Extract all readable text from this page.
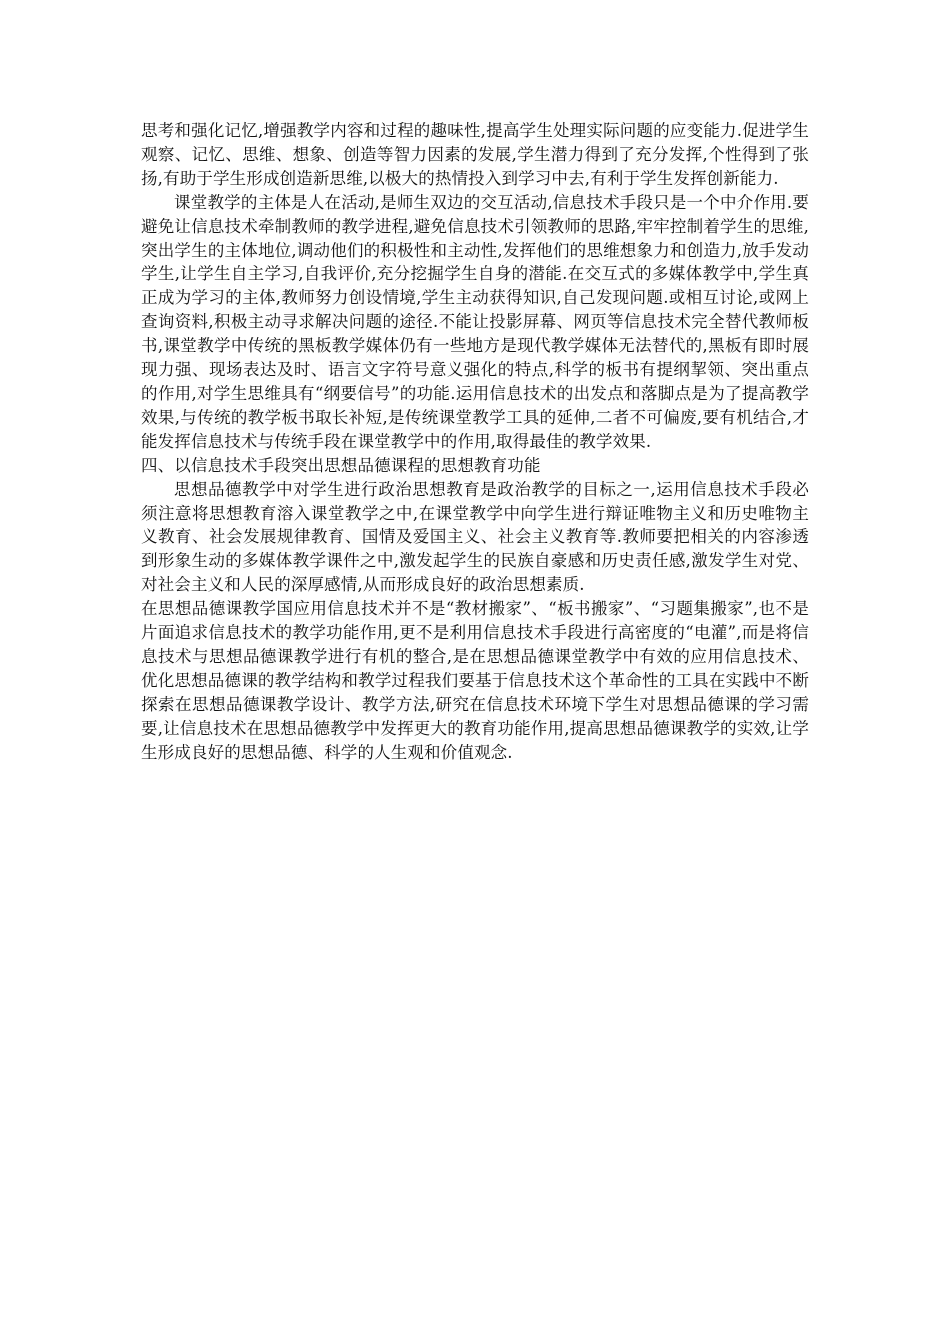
思考和强化记忆,增强教学内容和过程的趣味性,提高学生处理实际问题的应变能力.促进学生观察、记忆、思维、想象、创造等智力因素的发展,学生潜力得到了充分发挥,个性得到了张扬,有助于学生形成创造新思维,以极大的热情投入到学习中去,有利于学生发挥创新能力.

课堂教学的主体是人在活动,是师生双边的交互活动,信息技术手段只是一个中介作用.要避免让信息技术牵制教师的教学进程,避免信息技术引领教师的思路,牢牢控制着学生的思维,突出学生的主体地位,调动他们的积极性和主动性,发挥他们的思维想象力和创造力,放手发动学生,让学生自主学习,自我评价,充分挖掘学生自身的潜能.在交互式的多媒体教学中,学生真正成为学习的主体,教师努力创设情境,学生主动获得知识,自己发现问题.或相互讨论,或网上查询资料,积极主动寻求解决问题的途径.不能让投影屏幕、网页等信息技术完全替代教师板书,课堂教学中传统的黑板教学媒体仍有一些地方是现代教学媒体无法替代的,黑板有即时展现力强、现场表达及时、语言文字符号意义强化的特点,科学的板书有提纲挈领、突出重点的作用,对学生思维具有“纲要信号”的功能.运用信息技术的出发点和落脚点是为了提高教学效果,与传统的教学板书取长补短,是传统课堂教学工具的延伸,二者不可偏废,要有机结合,才能发挥信息技术与传统手段在课堂教学中的作用,取得最佳的教学效果.

四、以信息技术手段突出思想品德课程的思想教育功能

思想品德教学中对学生进行政治思想教育是政治教学的目标之一,运用信息技术手段必须注意将思想教育溶入课堂教学之中,在课堂教学中向学生进行辩证唯物主义和历史唯物主义教育、社会发展规律教育、国情及爱国主义、社会主义教育等.教师要把相关的内容渗透到形象生动的多媒体教学课件之中,激发起学生的民族自豪感和历史责任感,激发学生对党、对社会主义和人民的深厚感情,从而形成良好的政治思想素质.

在思想品德课教学国应用信息技术并不是“教材搬家”、“板书搬家”、“习题集搬家”,也不是片面追求信息技术的教学功能作用,更不是利用信息技术手段进行高密度的“电灌”,而是将信息技术与思想品德课教学进行有机的整合,是在思想品德课堂教学中有效的应用信息技术、优化思想品德课的教学结构和教学过程我们要基于信息技术这个革命性的工具在实践中不断探索在思想品德课教学设计、教学方法,研究在信息技术环境下学生对思想品德课的学习需要,让信息技术在思想品德教学中发挥更大的教育功能作用,提高思想品德课教学的实效,让学生形成良好的思想品德、科学的人生观和价值观念.
